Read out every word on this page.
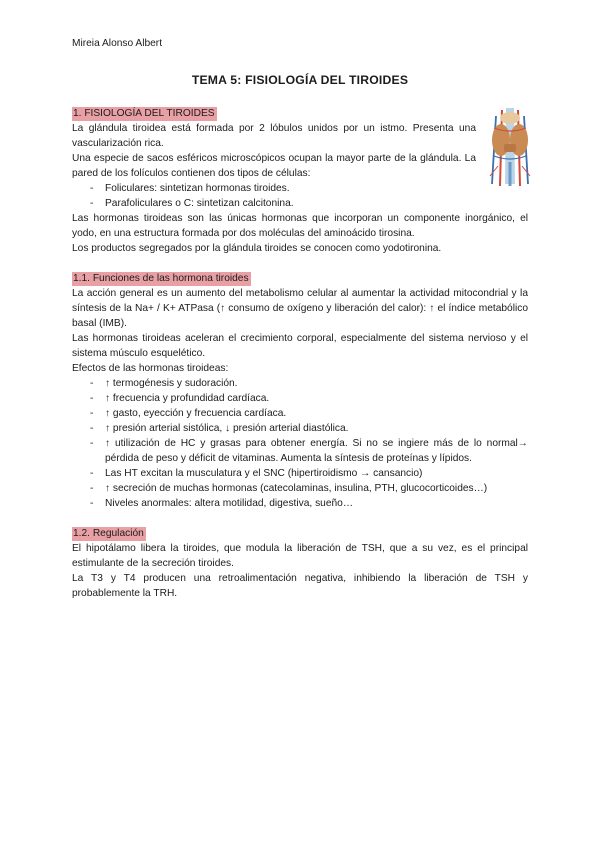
Mireia Alonso Albert
TEMA 5: FISIOLOGÍA DEL TIROIDES
1. FISIOLOGÍA DEL TIROIDES

La glándula tiroidea está formada por 2 lóbulos unidos por un istmo. Presenta una vascularización rica.

Una especie de sacos esféricos microscópicos ocupan la mayor parte de la glándula. La pared de los folículos contienen dos tipos de células:

- Foliculares: sintetizan hormonas tiroides.
- Parafoliculares o C: sintetizan calcitonina.

Las hormonas tiroideas son las únicas hormonas que incorporan un componente inorgánico, el yodo, en una estructura formada por dos moléculas del aminoácido tirosina.

Los productos segregados por la glándula tiroides se conocen como yodotironina.

1.1. Funciones de las hormona tiroides

La acción general es un aumento del metabolismo celular al aumentar la actividad mitocondrial y la síntesis de la Na+ / K+ ATPasa (↑ consumo de oxígeno y liberación del calor): ↑ el índice metabólico basal (IMB).

Las hormonas tiroideas aceleran el crecimiento corporal, especialmente del sistema nervioso y el sistema músculo esquelético.

Efectos de las hormonas tiroideas:

- ↑ termogénesis y sudoración.
- ↑ frecuencia y profundidad cardíaca.
- ↑ gasto, eyección y frecuencia cardíaca.
- ↑ presión arterial sistólica, ↓ presión arterial diastólica.
- ↑ utilización de HC y grasas para obtener energía. Si no se ingiere más de lo normal→ pérdida de peso y déficit de vitaminas. Aumenta la síntesis de proteínas y lípidos.
- Las HT excitan la musculatura y el SNC (hipertiroidismo → cansancio)
- ↑ secreción de muchas hormonas (catecolaminas, insulina, PTH, glucocorticoides…)
- Niveles anormales: altera motilidad, digestiva, sueño…
1.2. Regulación

El hipotálamo libera la tiroides, que modula la liberación de TSH, que a su vez, es el principal estimulante de la secreción tiroides.

La T3 y T4 producen una retroalimentación negativa, inhibiendo la liberación de TSH y probablemente la TRH.
